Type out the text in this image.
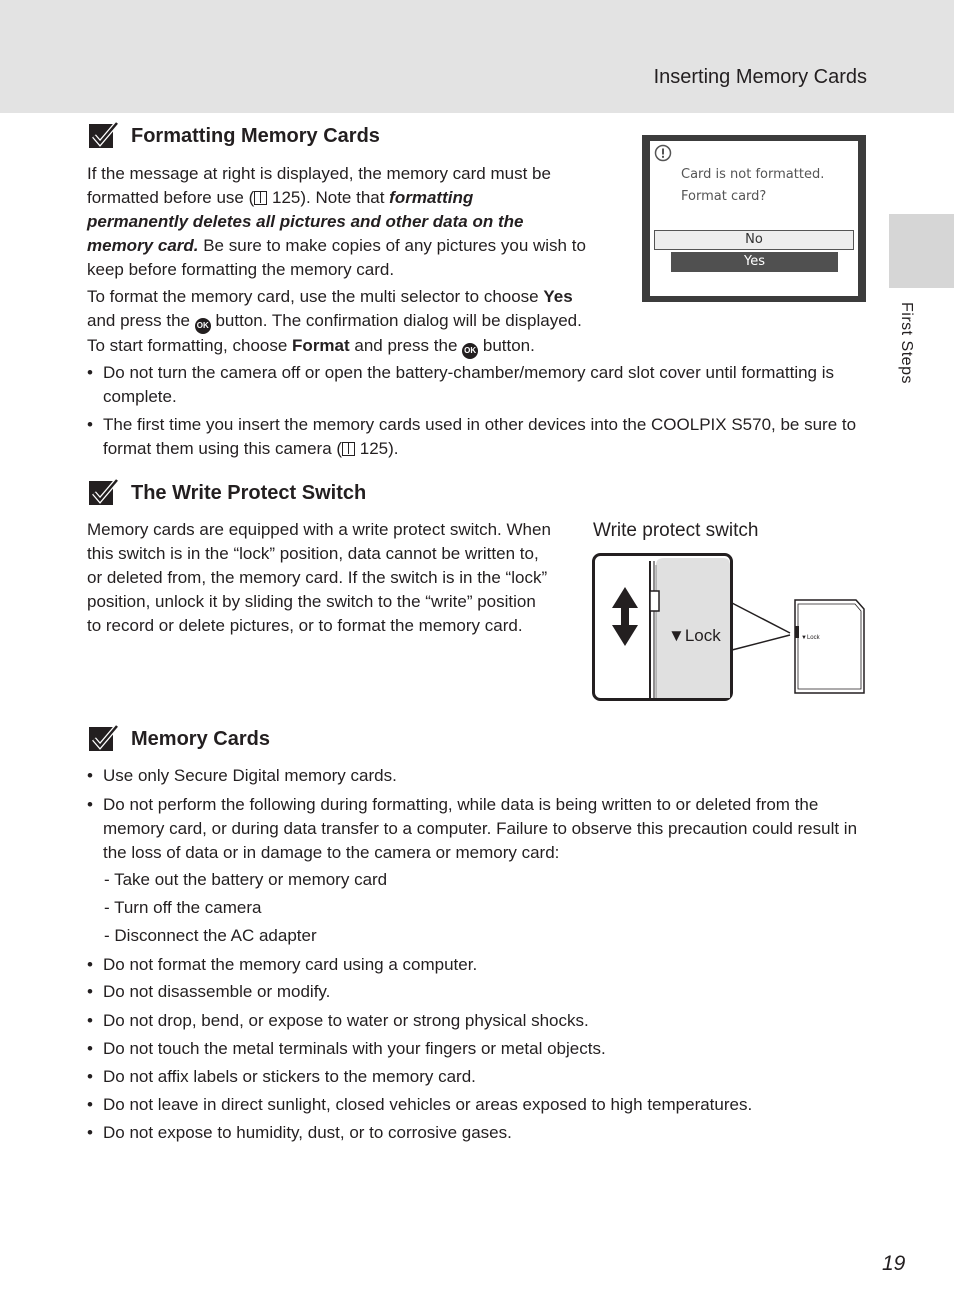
Inserting Memory Cards
First Steps
Formatting Memory Cards

If the message at right is displayed, the memory card must be
formatted before use ( 125). Note that formatting
permanently deletes all pictures and other data on the
memory card. Be sure to make copies of any pictures you wish to
keep before formatting the memory card.

To format the memory card, use the multi selector to choose Yes
and press the OK button. The confirmation dialog will be displayed.
To start formatting, choose Format and press the OK button.

• Do not turn the camera off or open the battery-chamber/memory card slot cover until formatting is complete.
• The first time you insert the memory cards used in other devices into the COOLPIX S570, be sure to format them using this camera ( 125).
Card is not formatted.
Format card?
No
Yes
The Write Protect Switch

Memory cards are equipped with a write protect switch. When
this switch is in the “lock” position, data cannot be written to,
or deleted from, the memory card. If the switch is in the “lock”
position, unlock it by sliding the switch to the “write” position
to record or delete pictures, or to format the memory card.

Write protect switch
▼Lock	▼Lock
Memory Cards
• Use only Secure Digital memory cards.
• Do not perform the following during formatting, while data is being written to or deleted from the memory card, or during data transfer to a computer. Failure to observe this precaution could result in the loss of data or in damage to the camera or memory card:
- Take out the battery or memory card
- Turn off the camera
- Disconnect the AC adapter
• Do not format the memory card using a computer.
• Do not disassemble or modify.
• Do not drop, bend, or expose to water or strong physical shocks.
• Do not touch the metal terminals with your fingers or metal objects.
• Do not affix labels or stickers to the memory card.
• Do not leave in direct sunlight, closed vehicles or areas exposed to high temperatures.
• Do not expose to humidity, dust, or to corrosive gases.
19
